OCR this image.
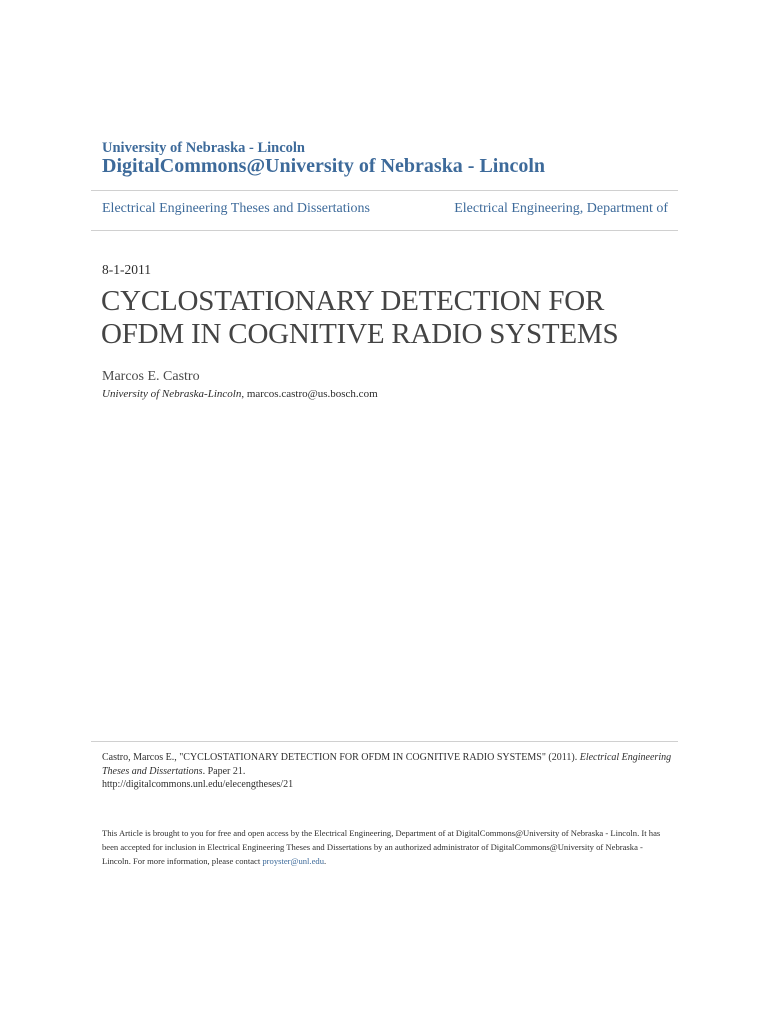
University of Nebraska - Lincoln
DigitalCommons@University of Nebraska - Lincoln
Electrical Engineering Theses and Dissertations	Electrical Engineering, Department of
8-1-2011
CYCLOSTATIONARY DETECTION FOR
OFDM IN COGNITIVE RADIO SYSTEMS
Marcos E. Castro
University of Nebraska-Lincoln, marcos.castro@us.bosch.com
Castro, Marcos E., "CYCLOSTATIONARY DETECTION FOR OFDM IN COGNITIVE RADIO SYSTEMS" (2011). Electrical Engineering Theses and Dissertations. Paper 21.
http://digitalcommons.unl.edu/elecengtheses/21
This Article is brought to you for free and open access by the Electrical Engineering, Department of at DigitalCommons@University of Nebraska - Lincoln. It has been accepted for inclusion in Electrical Engineering Theses and Dissertations by an authorized administrator of DigitalCommons@University of Nebraska - Lincoln. For more information, please contact proyster@unl.edu.
